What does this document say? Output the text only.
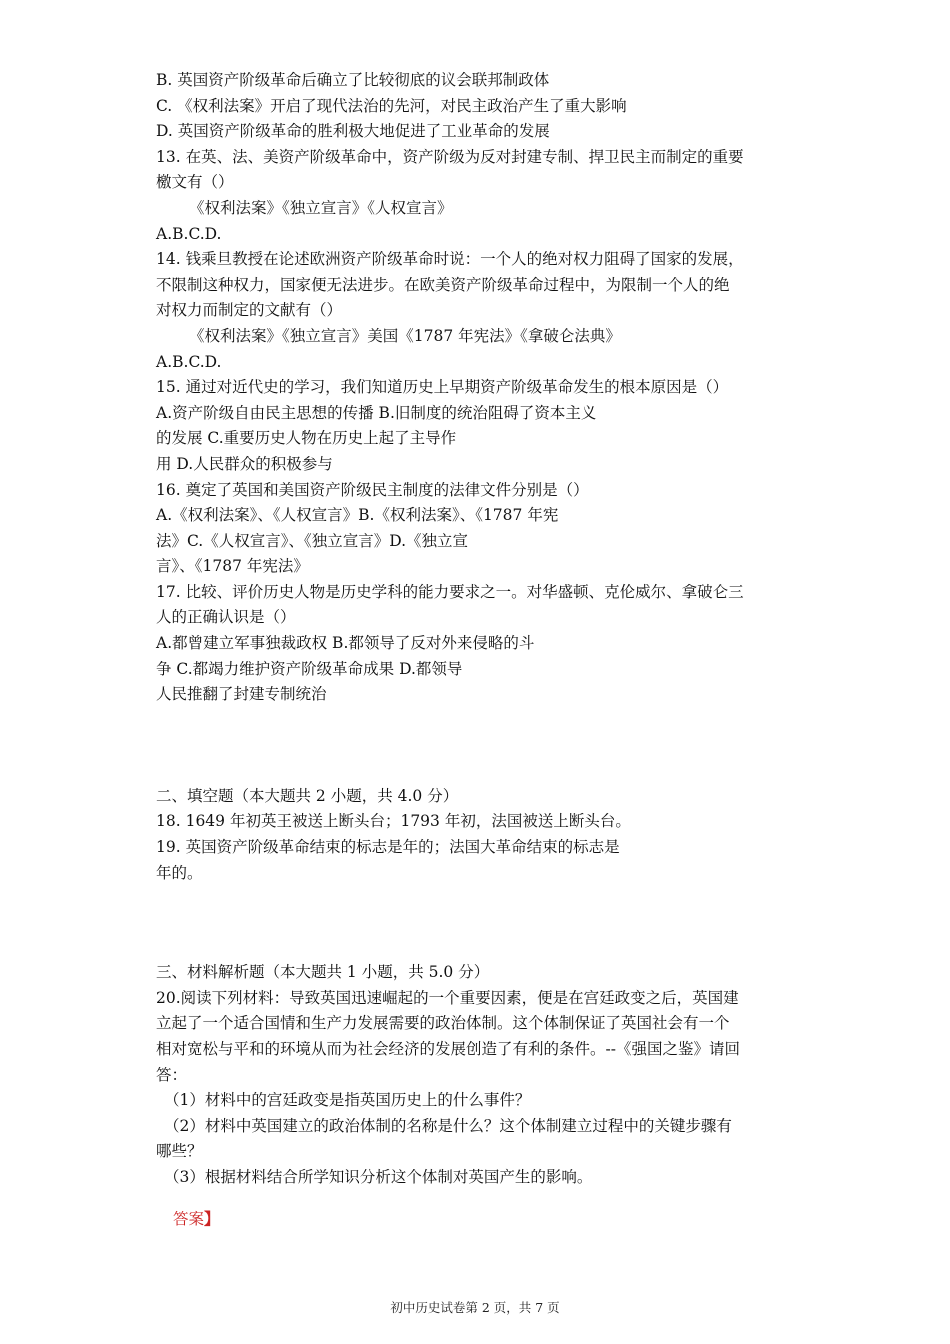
B. 英国资产阶级革命后确立了比较彻底的议会联邦制政体

C. 《权利法案》开启了现代法治的先河，对民主政治产生了重大影响

D. 英国资产阶级革命的胜利极大地促进了工业革命的发展

13. 在英、法、美资产阶级革命中，资产阶级为反对封建专制、捍卫民主而制定的重要

檄文有（）

《权利法案》《独立宣言》《人权宣言》

A.B.C.D.

14. 钱乘旦教授在论述欧洲资产阶级革命时说：一个人的绝对权力阻碍了国家的发展，

不限制这种权力，国家便无法进步。在欧美资产阶级革命过程中，为限制一个人的绝

对权力而制定的文献有（）

《权利法案》《独立宣言》美国《1787 年宪法》《拿破仑法典》

A.B.C.D.

15. 通过对近代史的学习，我们知道历史上早期资产阶级革命发生的根本原因是（）

A.资产阶级自由民主思想的传播 B.旧制度的统治阻碍了资本主义

的发展 C.重要历史人物在历史上起了主导作

用 D.人民群众的积极参与

16. 奠定了英国和美国资产阶级民主制度的法律文件分别是（）

A.《权利法案》、《人权宣言》B.《权利法案》、《1787 年宪

法》C.《人权宣言》、《独立宣言》D.《独立宣

言》、《1787 年宪法》

17. 比较、评价历史人物是历史学科的能力要求之一。对华盛顿、克伦威尔、拿破仑三

人的正确认识是（）

A.都曾建立军事独裁政权 B.都领导了反对外来侵略的斗

争 C.都竭力维护资产阶级革命成果 D.都领导

人民推翻了封建专制统治

二、填空题（本大题共 2 小题，共 4.0 分）

18. 1649 年初英王被送上断头台；1793 年初，法国被送上断头台。

19. 英国资产阶级革命结束的标志是年的；法国大革命结束的标志是

年的。

三、材料解析题（本大题共 1 小题，共 5.0 分）

20.阅读下列材料：导致英国迅速崛起的一个重要因素，便是在宫廷政变之后，英国建

立起了一个适合国情和生产力发展需要的政治体制。这个体制保证了英国社会有一个

相对宽松与平和的环境从而为社会经济的发展创造了有利的条件。--《强国之鉴》请回

答：

（1）材料中的宫廷政变是指英国历史上的什么事件？

（2）材料中英国建立的政治体制的名称是什么？这个体制建立过程中的关键步骤有

哪些？

（3）根据材料结合所学知识分析这个体制对英国产生的影响。

答案】

初中历史试卷第 2 页，共 7 页
